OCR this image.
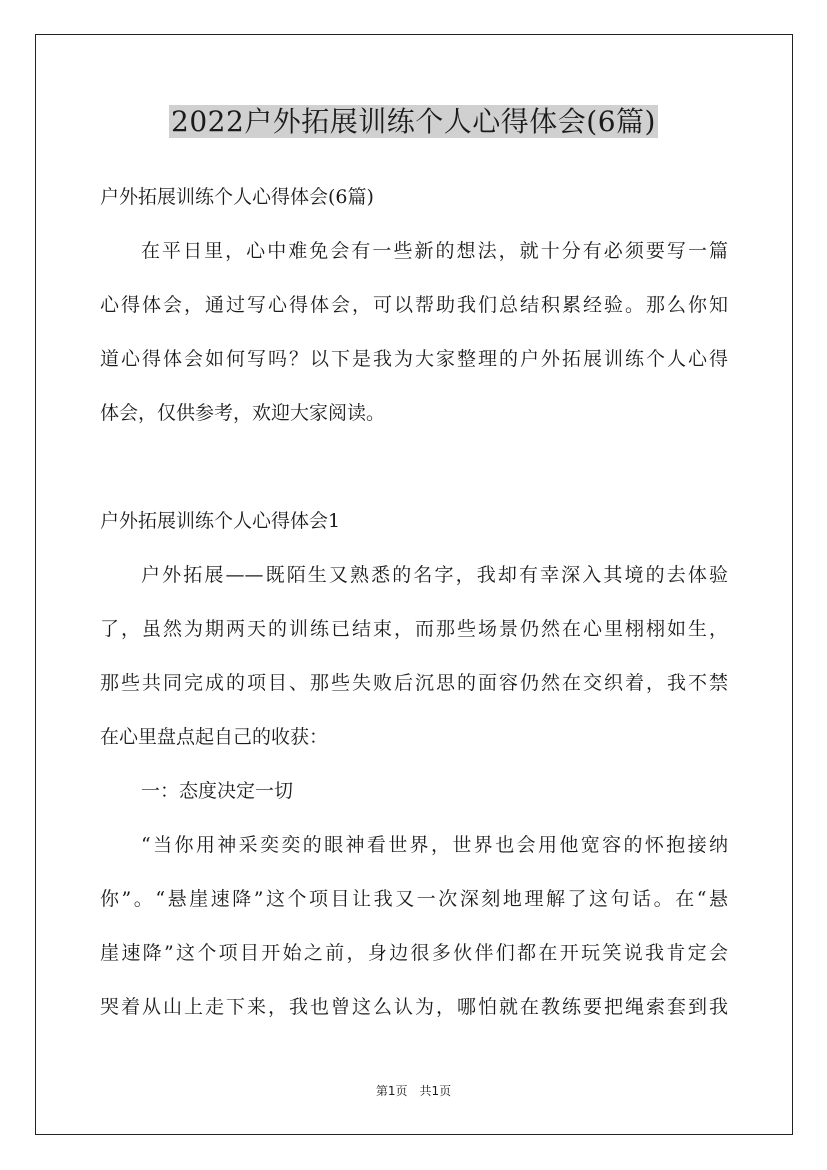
2022户外拓展训练个人心得体会(6篇)
户外拓展训练个人心得体会(6篇)
在平日里，心中难免会有一些新的想法，就十分有必须要写一篇
心得体会，通过写心得体会，可以帮助我们总结积累经验。那么你知
道心得体会如何写吗？以下是我为大家整理的户外拓展训练个人心得
体会，仅供参考，欢迎大家阅读。
户外拓展训练个人心得体会1
户外拓展——既陌生又熟悉的名字，我却有幸深入其境的去体验
了，虽然为期两天的训练已结束，而那些场景仍然在心里栩栩如生，
那些共同完成的项目、那些失败后沉思的面容仍然在交织着，我不禁
在心里盘点起自己的收获：
一：态度决定一切
“当你用神采奕奕的眼神看世界，世界也会用他宽容的怀抱接纳
你”。“悬崖速降”这个项目让我又一次深刻地理解了这句话。在“悬
崖速降”这个项目开始之前，身边很多伙伴们都在开玩笑说我肯定会
哭着从山上走下来，我也曾这么认为，哪怕就在教练要把绳索套到我
第1页　共1页
